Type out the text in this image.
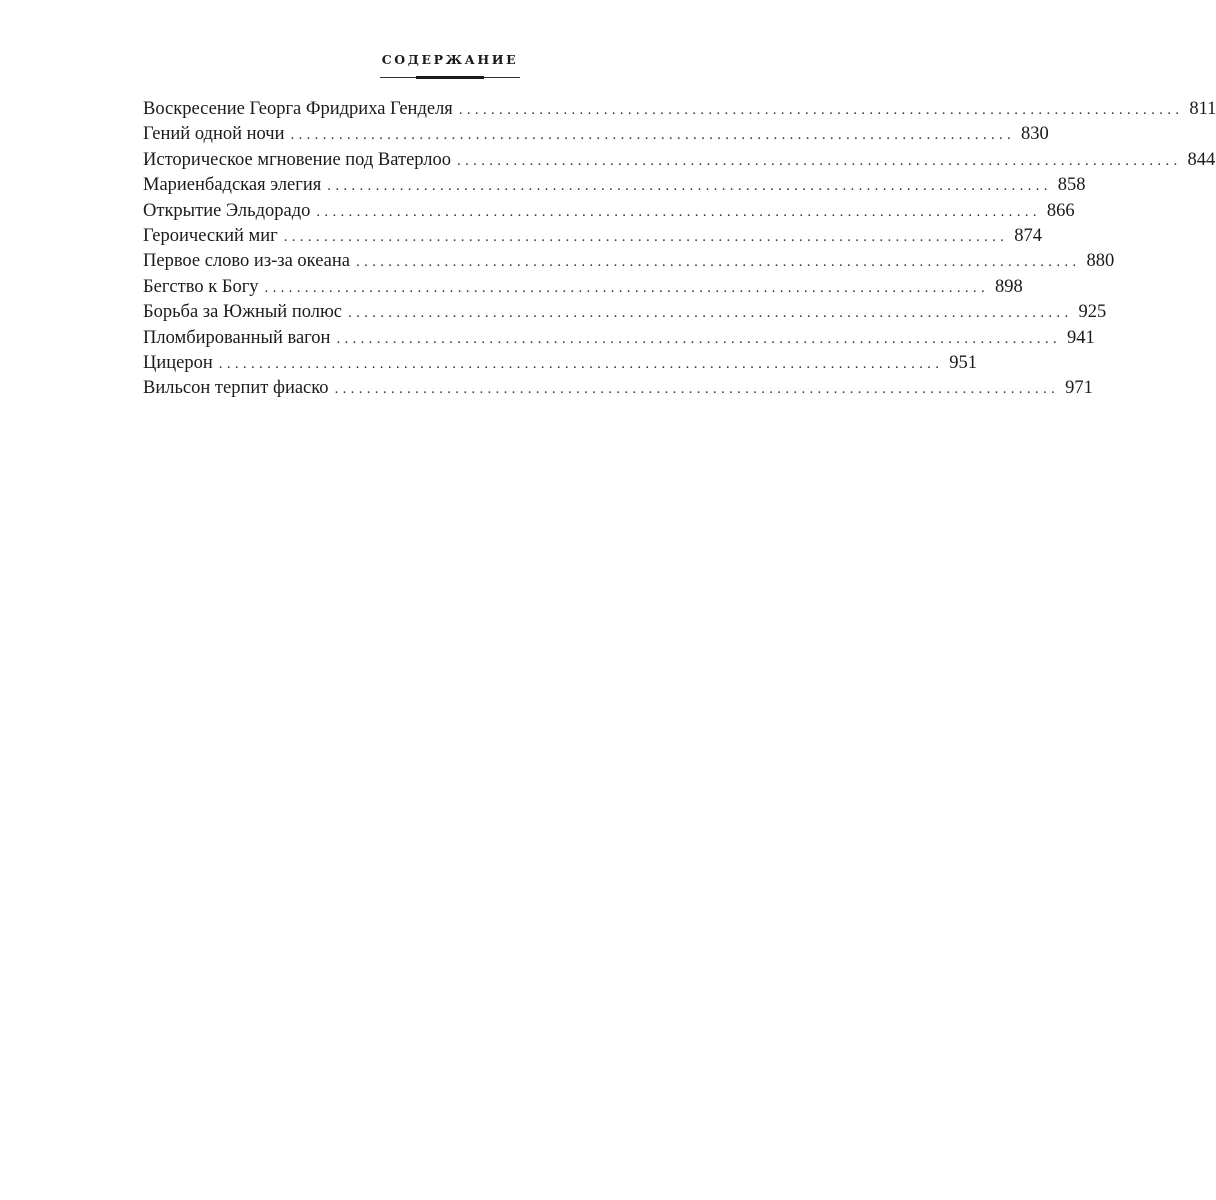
СОДЕРЖАНИЕ
Воскресение Георга Фридриха Генделя .......................................................................................... 811
Гений одной ночи .......................................................................................... 830
Историческое мгновение под Ватерлоо .......................................................................................... 844
Мариенбадская элегия .......................................................................................... 858
Открытие Эльдорадо .......................................................................................... 866
Героический миг .......................................................................................... 874
Первое слово из-за океана .......................................................................................... 880
Бегство к Богу .......................................................................................... 898
Борьба за Южный полюс .......................................................................................... 925
Пломбированный вагон .......................................................................................... 941
Цицерон .......................................................................................... 951
Вильсон терпит фиаско .......................................................................................... 971
